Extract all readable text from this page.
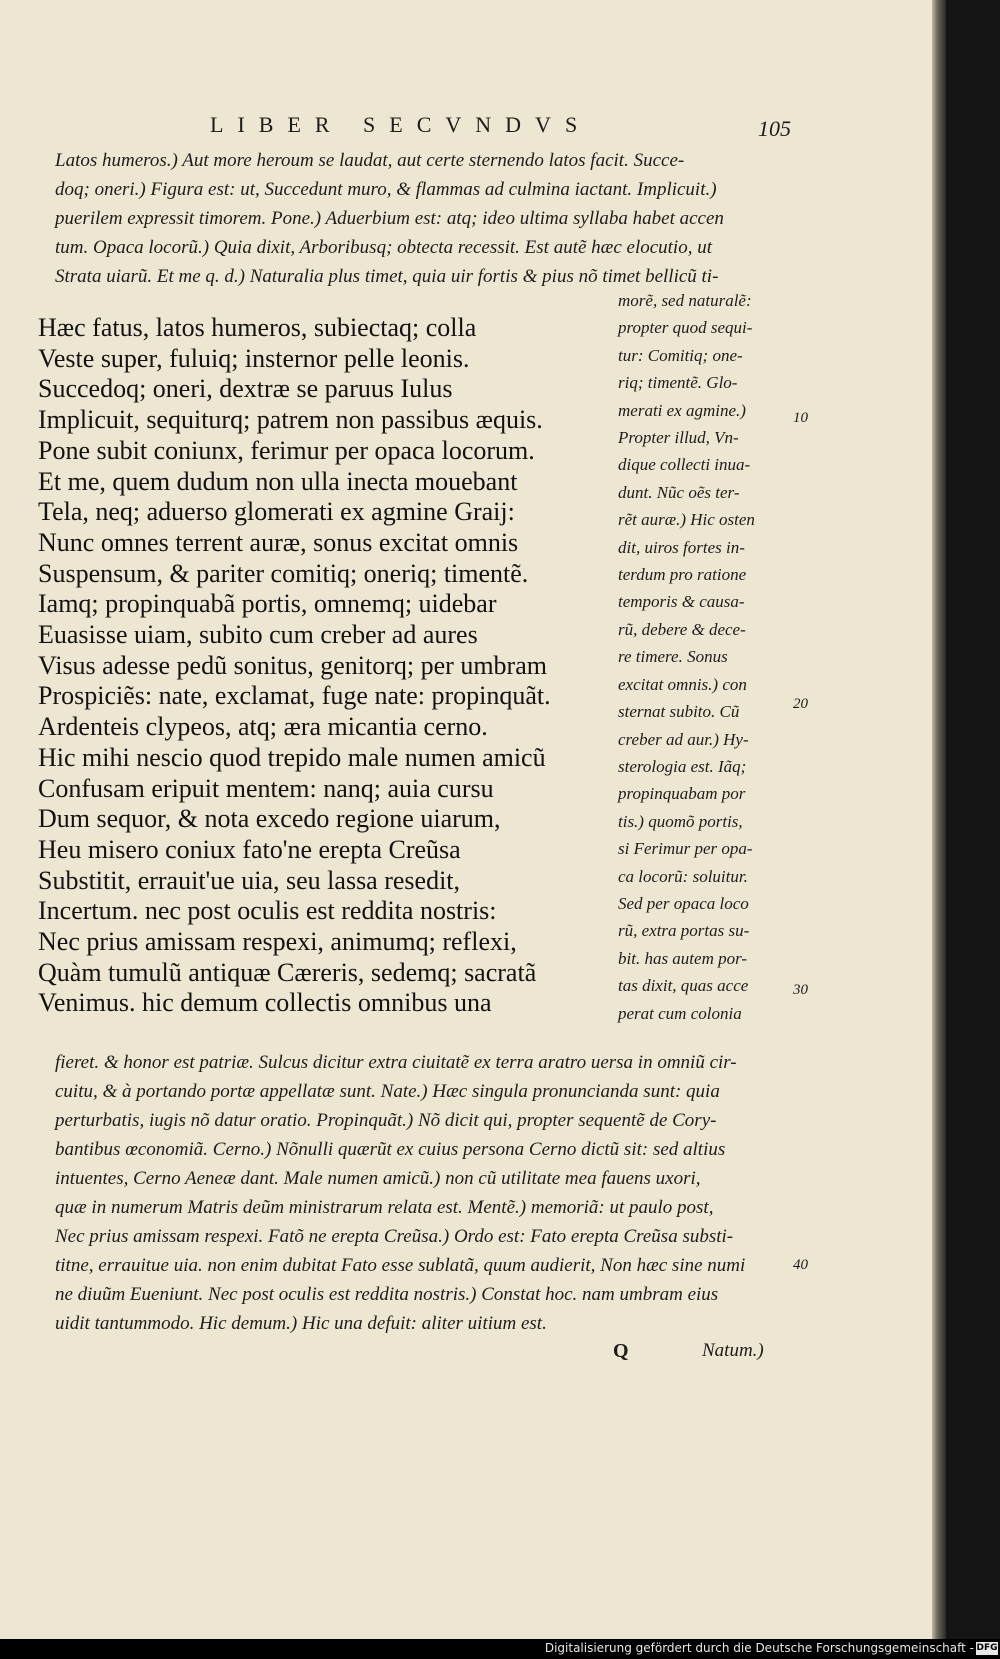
LIBER SECVNDVS	105
Latos humeros.) Aut more heroum se laudat, aut certe sternendo latos facit. Succe-
doq; oneri.) Figura est: ut, Succedunt muro, & flammas ad culmina iactant. Implicuit.)
puerilem expressit timorem. Pone.) Aduerbium est: atq; ideo ultima syllaba habet accen
tum. Opaca locorũ.) Quia dixit, Arboribusq; obtecta recessit. Est autẽ hæc elocutio, ut
Strata uiarũ. Et me q. d.) Naturalia plus timet, quia uir fortis & pius nõ timet bellicũ ti-
Hæc fatus, latos humeros, subiectaq; colla
Veste super, fuluiq; insternor pelle leonis.
Succedoq; oneri, dextræ se paruus Iulus
Implicuit, sequiturq; patrem non passibus æquis.
Pone subit coniunx, ferimur per opaca locorum.
Et me, quem dudum non ulla inecta mouebant
Tela, neq; aduerso glomerati ex agmine Graij:
Nunc omnes terrent auræ, sonus excitat omnis
Suspensum, & pariter comitiq; oneriq; timentẽ.
Iamq; propinquabã portis, omnemq; uidebar
Euasisse uiam, subito cum creber ad aures
Visus adesse pedũ sonitus, genitorq; per umbram
Prospiciẽs: nate, exclamat, fuge nate: propinquãt.
Ardenteis clypeos, atq; æra micantia cerno.
Hic mihi nescio quod trepido male numen amicũ
Confusam eripuit mentem: nanq; auia cursu
Dum sequor, & nota excedo regione uiarum,
Heu misero coniux fato'ne erepta Creũsa
Substitit, errauit'ue uia, seu lassa resedit,
Incertum. nec post oculis est reddita nostris:
Nec prius amissam respexi, animumq; reflexi,
Quàm tumulũ antiquæ Cæreris, sedemq; sacratã
Venimus. hic demum collectis omnibus una
morẽ, sed naturalẽ:
propter quod sequi-
tur: Comitiq; one-
riq; timentẽ. Glo-
merati ex agmine.)
Propter illud, Vn-
dique collecti inua-
dunt. Nũc oẽs ter-
rẽt auræ.) Hic osten
dit, uiros fortes in-
terdum pro ratione
temporis & causa-
rũ, debere & dece-
re timere. Sonus
excitat omnis.) con
sternat subito. Cũ
creber ad aur.) Hy-
sterologia est. Iãq;
propinquabam por
tis.) quomõ portis,
si Ferimur per opa-
ca locorũ: soluitur.
Sed per opaca loco
rũ, extra portas su-
bit. has autem por-
tas dixit, quas acce
perat cum colonia
10
20
30
40
fieret. & honor est patriæ. Sulcus dicitur extra ciuitatẽ ex terra aratro uersa in omniũ cir-
cuitu, & à portando portæ appellatæ sunt. Nate.) Hæc singula pronuncianda sunt: quia
perturbatis, iugis nõ datur oratio. Propinquãt.) Nõ dicit qui, propter sequentẽ de Cory-
bantibus œconomiã. Cerno.) Nõnulli quærũt ex cuius persona Cerno dictũ sit: sed altius
intuentes, Cerno Aeneæ dant. Male numen amicũ.) non cũ utilitate mea fauens uxori,
quæ in numerum Matris deũm ministrarum relata est. Mentẽ.) memoriã: ut paulo post,
Nec prius amissam respexi. Fatõ ne erepta Creũsa.) Ordo est: Fato erepta Creũsa substi-
titne, errauitue uia. non enim dubitat Fato esse sublatã, quum audierit, Non hæc sine numi
ne diuũm Eueniunt. Nec post oculis est reddita nostris.) Constat hoc. nam umbram eius
uidit tantummodo. Hic demum.) Hic una defuit: aliter uitium est.
Q	Natum.)
Digitalisierung gefördert durch die Deutsche Forschungsgemeinschaft - DFG
